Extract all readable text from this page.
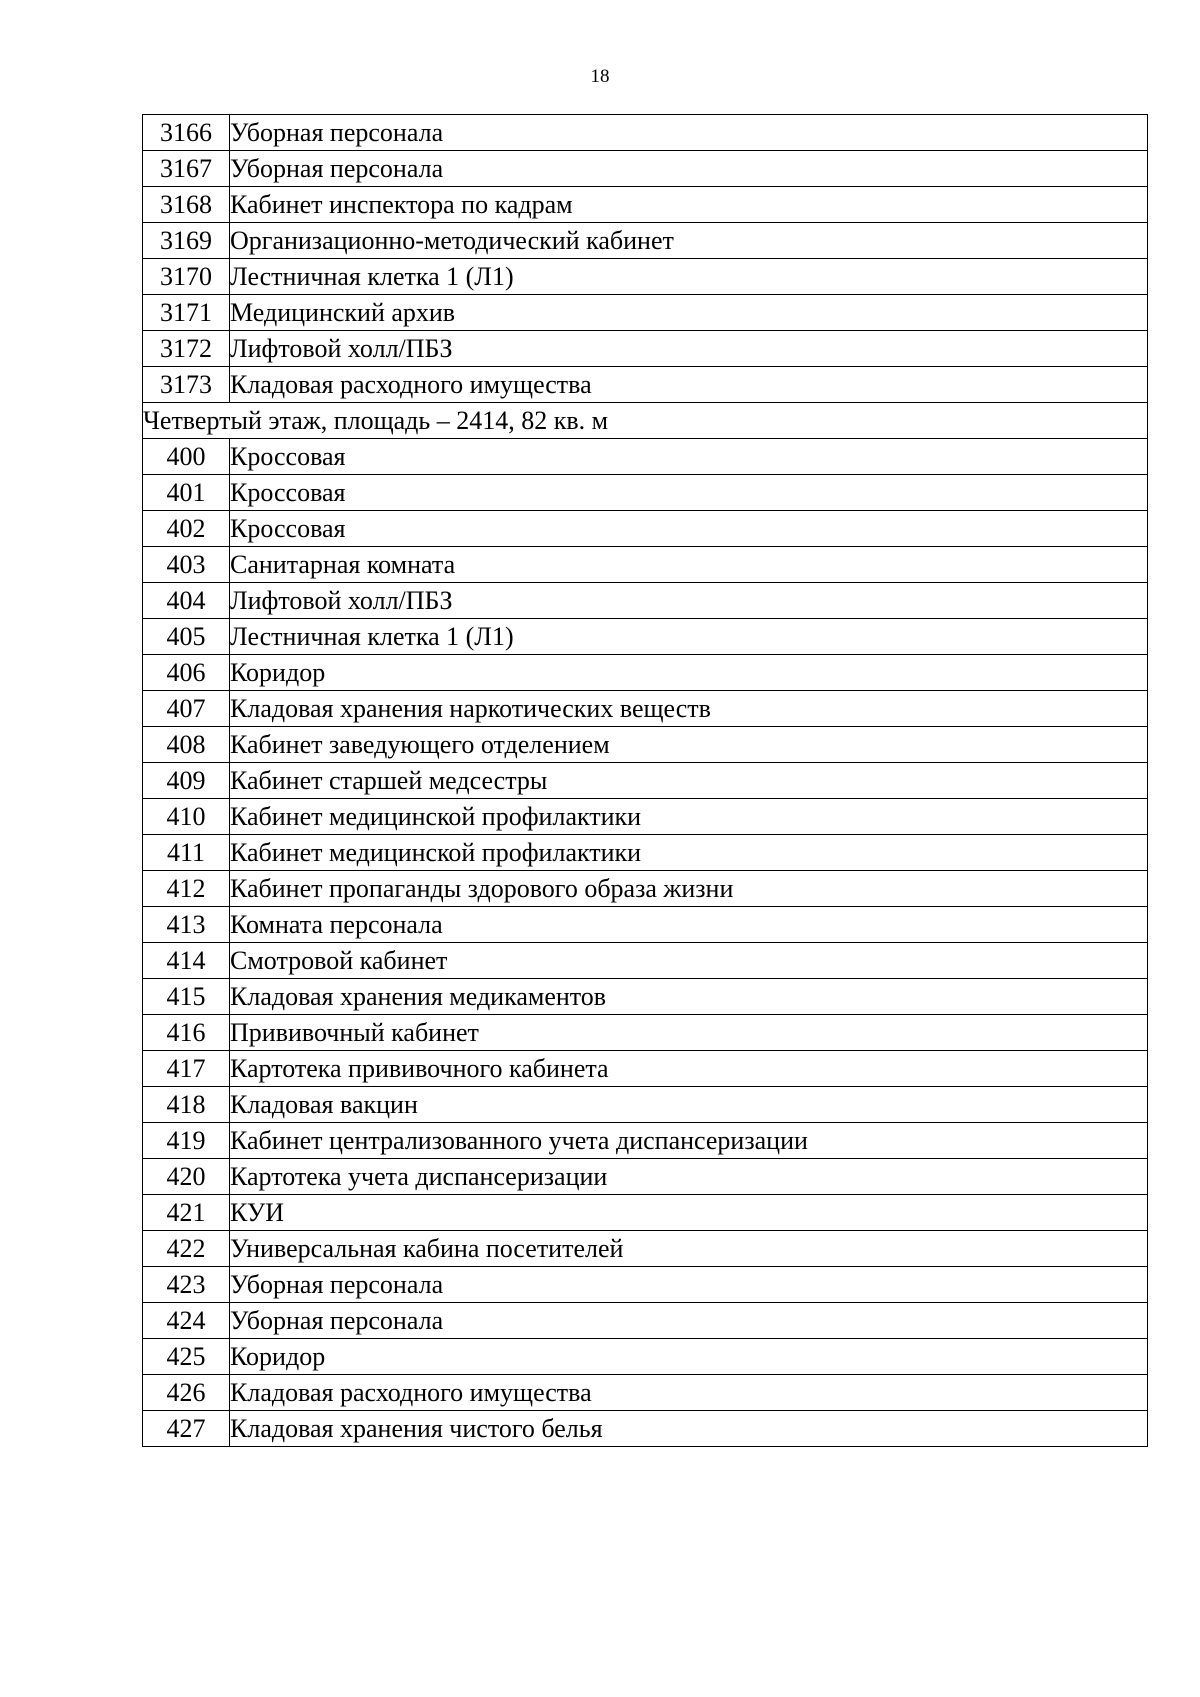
18
3166	Уборная персонала
3167	Уборная персонала
3168	Кабинет инспектора по кадрам
3169	Организационно-методический кабинет
3170	Лестничная клетка 1 (Л1)
3171	Медицинский архив
3172	Лифтовой холл/ПБЗ
3173	Кладовая расходного имущества
Четвертый этаж, площадь – 2414, 82 кв. м	
400	Кроссовая
401	Кроссовая
402	Кроссовая
403	Санитарная комната
404	Лифтовой холл/ПБЗ
405	Лестничная клетка 1 (Л1)
406	Коридор
407	Кладовая хранения наркотических веществ
408	Кабинет заведующего отделением
409	Кабинет старшей медсестры
410	Кабинет медицинской профилактики
411	Кабинет медицинской профилактики
412	Кабинет пропаганды здорового образа жизни
413	Комната персонала
414	Смотровой кабинет
415	Кладовая хранения медикаментов
416	Прививочный кабинет
417	Картотека прививочного кабинета
418	Кладовая вакцин
419	Кабинет централизованного учета диспансеризации
420	Картотека учета диспансеризации
421	КУИ
422	Универсальная кабина посетителей
423	Уборная персонала
424	Уборная персонала
425	Коридор
426	Кладовая расходного имущества
427	Кладовая хранения чистого белья
